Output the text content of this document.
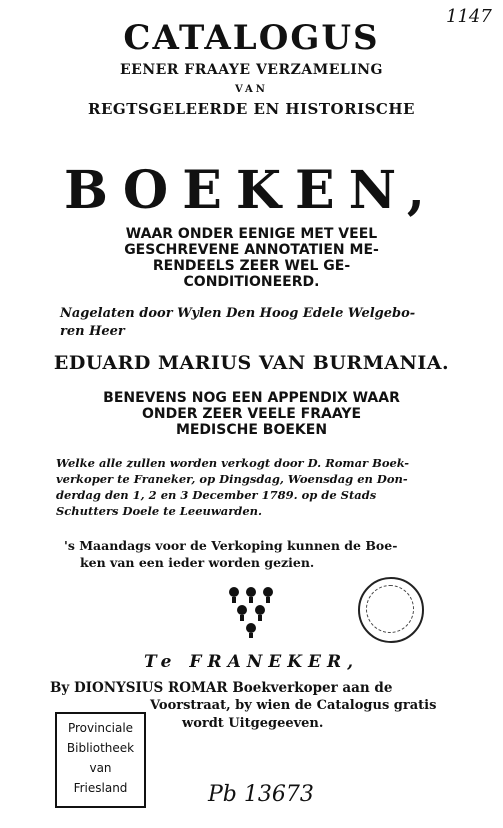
1147
CATALOGUS
EENER FRAAYE VERZAMELING
VAN
REGTSGELEERDE EN HISTORISCHE
BOEKEN,
WAAR ONDER EENIGE MET VEEL
GESCHREVENE ANNOTATIEN ME-
RENDEELS ZEER WEL GE-
CONDITIONEERD.
Nagelaten door Wylen Den Hoog Edele Welgebo-
ren Heer
EDUARD MARIUS VAN BURMANIA.
BENEVENS NOG EEN APPENDIX WAAR
ONDER ZEER VEELE FRAAYE
MEDISCHE BOEKEN
Welke alle zullen worden verkogt door D. Romar Boek-
verkoper te Franeker, op Dingsdag, Woensdag en Don-
derdag den 1, 2 en 3 December 1789. op de Stads
Schutters Doele te Leeuwarden.
's Maandags voor de Verkoping kunnen de Boe-
ken van een ieder worden gezien.
Te FRANEKER,
By DIONYSIUS ROMAR Boekverkoper aan de
Voorstraat, by wien de Catalogus gratis
wordt Uitgegeeven.
Provinciale
Bibliotheek
van
Friesland	Pb 13673
